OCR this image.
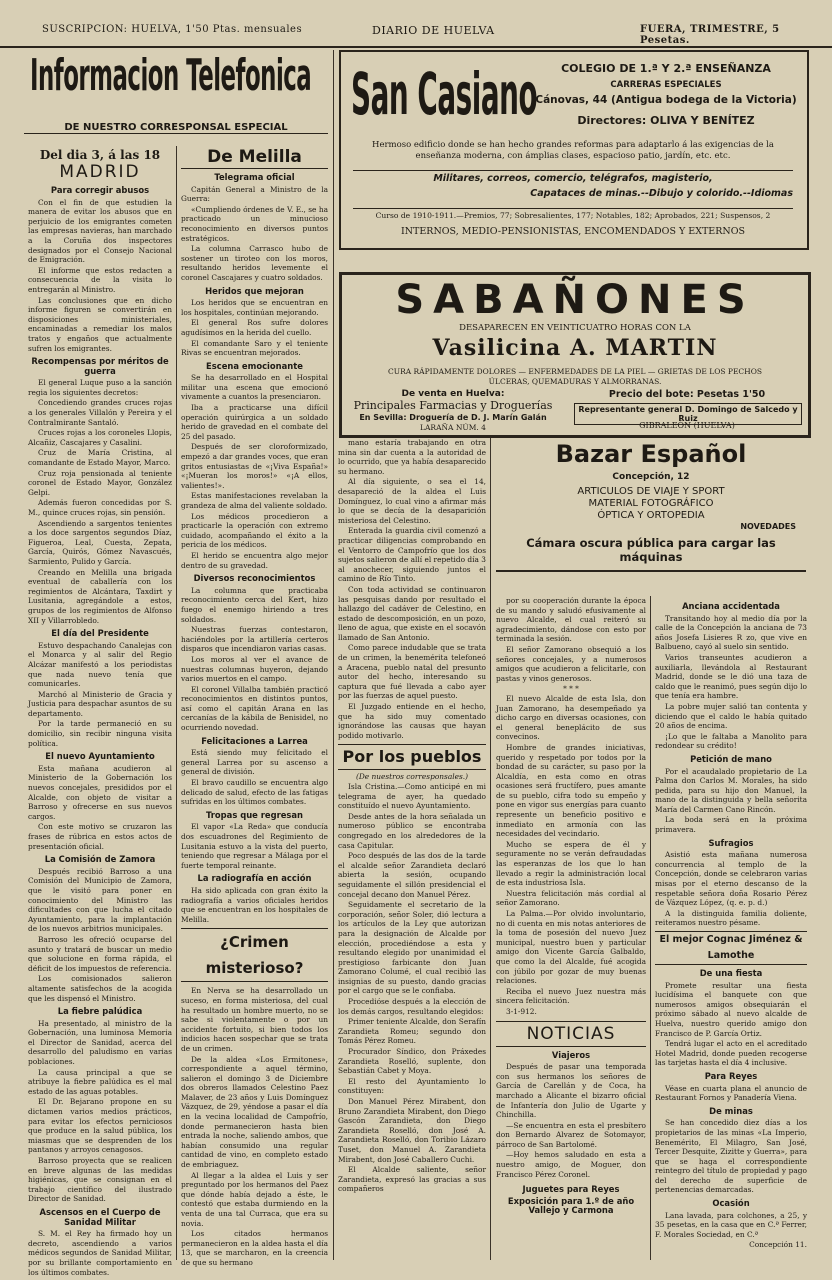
SUSCRIPCION: HUELVA, 1'50 Ptas. mensuales	DIARIO DE HUELVA	FUERA, TRIMESTRE, 5 Pesetas.
Informacion Telefonica
DE NUESTRO CORRESPONSAL ESPECIAL
Del dia 3, á las 18
MADRID
Para corregir abusos

Con el fin de que estudien la manera de evitar los abusos que en perjuicio de los emigrantes cometen las empresas navieras, han marchado a la Coruña dos inspectores designados por el Consejo Nacional de Emigración.

El informe que estos redacten a consecuencia de la visita lo entregarán al Ministro.

Las conclusiones que en dicho informe figuren se convertirán en disposiciones ministeriales, encaminadas a remediar los malos tratos y engaños que actualmente sufren los emigrantes.

Recompensas por méritos de guerra

El general Luque puso a la sanción regia los siguientes decretos:

Concediendo grandes cruces rojas a los generales Villalón y Pereira y el Contralmirante Santaló.

Cruces rojas a los coroneles Llopis, Alcañiz, Cascajares y Casalini.

Cruz de María Cristina, al comandante de Estado Mayor, Marco.

Cruz roja pensionada al teniente coronel de Estado Mayor, González Gelpi.

Además fueron concedidas por S. M., quince cruces rojas, sin pensión.

Ascendiendo a sargentos tenientes a los doce sargentos segundos Díaz, Figueroa, Leal, Cuesta, Zepata, García, Quirós, Gómez Navascués, Sarmiento, Pulido y García.

Creando en Melilla una brigada eventual de caballería con los regimientos de Alcántara, Taxdirt y Lusitania, agregándole a estos, grupos de los regimientos de Alfonso XII y Villarrobledo.

El día del Presidente

Estuvo despachando Canalejas con el Monarca y al salir del Regio Alcázar manifestó a los periodistas que nada nuevo tenía que comunicarles.

Marchó al Ministerio de Gracia y Justicia para despachar asuntos de su departamento.

Por la tarde permaneció en su domicilio, sin recibir ninguna visita política.

El nuevo Ayuntamiento

Esta mañana acudieron al Ministerio de la Gobernación los nuevos concejales, presididos por el Alcalde, con objeto de visitar a Barroso y ofrecerse en sus nuevos cargos.

Con este motivo se cruzaron las frases de rúbrica en estos actos de presentación oficial.

La Comisión de Zamora

Después recibió Barroso a una Comisión del Municipio de Zamora, que le visitó para poner en conocimiento del Ministro las dificultades con que lucha el citado Ayuntamiento, para la implantación de los nuevos arbitrios municipales.

Barroso les ofreció ocuparse del asunto y tratará de buscar un medio que solucione en forma rápida, el déficit de los impuestos de referencia.

Los comisionados salieron altamente satisfechos de la acogida que les dispensó el Ministro.

La fiebre palúdica

Ha presentado, al ministro de la Gobernación, una luminosa Memoria el Director de Sanidad, acerca del desarrollo del paludismo en varias poblaciones.

La causa principal a que se atribuye la fiebre palúdica es el mal estado de las aguas potables.

El Dr. Bejarano propone en su dictamen varios medios prácticos, para evitar los efectos perniciosos que produce en la salud pública, los miasmas que se desprenden de los pantanos y arroyos cenagosos.

Barroso proyecta que se realicen en breve algunas de las medidas higiénicas, que se consignan en el trabajo científico del ilustrado Director de Sanidad.

Ascensos en el Cuerpo de Sanidad Militar

S. M. el Rey ha firmado hoy un decreto, ascendiendo a varios médicos segundos de Sanidad Militar, por su brillante comportamiento en los últimos combates.

De Melilla
Telegrama oficial

Capitán General a Ministro de la Guerra:

«Cumpliendo órdenes de V. E., se ha practicado un minucioso reconocimiento en diversos puntos estratégicos.

La columna Carrasco hubo de sostener un tiroteo con los moros, resultando heridos levemente el coronel Cascajares y cuatro soldados.

Heridos que mejoran

Los heridos que se encuentran en los hospitales, continúan mejorando.

El general Ros sufre dolores agudísimos en la herida del cuello.

El comandante Saro y el teniente Rivas se encuentran mejorados.

Escena emocionante

Se ha desarrollado en el Hospital militar una escena que emocionó vivamente a cuantos la presenciaron.

Iba a practicarse una difícil operación quirúrgica a un soldado herido de gravedad en el combate del 25 del pasado.

Después de ser cloroformizado, empezó a dar grandes voces, que eran gritos entusiastas de «¡Viva España!» «¡Mueran los moros!» «¡A ellos, valientes!».

Estas manifestaciones revelaban la grandeza de alma del valiente soldado.

Los médicos procedieron a practicarle la operación con extremo cuidado, acompañando el éxito a la pericia de los médicos.

El herido se encuentra algo mejor dentro de su gravedad.

Diversos reconocimientos

La columna que practicaba reconocimiento cerca del Kert, hizo fuego el enemigo hiriendo a tres soldados.

Nuestras fuerzas contestaron, haciéndoles por la artillería certeros disparos que incendiaron varias casas.

Los moros al ver el avance de nuestras columnas huyeron, dejando varios muertos en el campo.

El coronel Villalba también practicó reconocimientos en distintos puntos, así como el capitán Arana en las cercanías de la kábila de Benisidel, no ocurriendo novedad.

Felicitaciones a Larrea

Está siendo muy felicitado el general Larrea por su ascenso a general de división.

El bravo caudillo se encuentra algo delicado de salud, efecto de las fatigas sufridas en los últimos combates.

Tropas que regresan

El vapor «La Reda» que conducía dos escuadrones del Regimiento de Lusitania estuvo a la vista del puerto, teniendo que regresar a Málaga por el fuerte temporal reinante.

La radiografía en acción

Ha sido aplicada con gran éxito la radiografía a varios oficiales heridos que se encuentran en los hospitales de Melilla.

¿Crimen misterioso?

En Nerva se ha desarrollado un suceso, en forma misteriosa, del cual ha resultado un hombre muerto, no se sabe si violentamente o por un accidente fortuito, si bien todos los indicios hacen sospechar que se trata de un crimen.

De la aldea «Los Ermitones», correspondiente a aquel término, salieron el domingo 3 de Diciembre dos obreros llamados Celestino Paez Malaver, de 23 años y Luis Domínguez Vázquez, de 29, yéndose a pasar el día en la vecina localidad de Campofrío, donde permanecieron hasta bien entrada la noche, saliendo ambos, que habían consumido una regular cantidad de vino, en completo estado de embriaguez.

Al llegar a la aldea el Luis y ser preguntado por los hermanos del Paez que dónde había dejado a éste, le contestó que estaba durmiendo en la venta de una tal Curraca, que era su novia.

Los citados hermanos permanecieron en la aldea hasta el día 13, que se marcharon, en la creencia de que su hermano

San Casiano	COLEGIO DE 1.ª Y 2.ª ENSEÑANZA
CARRERAS ESPECIALES
Cánovas, 44 (Antigua bodega de la Victoria)
Directores: OLIVA Y BENÍTEZ
Hermoso edificio donde se han hecho grandes reformas para adaptarlo á las exigencias de la enseñanza moderna, con ámplias clases, espacioso patio, jardín, etc. etc.
Militares, correos, comercio, telégrafos, magisterio,
Capataces de minas.--Dibujo y colorido.--Idiomas
Curso de 1910-1911.—Premios, 77; Sobresalientes, 177; Notables, 182; Aprobados, 221; Suspensos, 2
INTERNOS, MEDIO-PENSIONISTAS, ENCOMENDADOS Y EXTERNOS
SABAÑONES
DESAPARECEN EN VEINTICUATRO HORAS CON LA
Vasilicina A. MARTIN
CURA RÁPIDAMENTE DOLORES — ENFERMEDADES DE LA PIEL — GRIETAS DE LOS PECHOS
ÚLCERAS, QUEMADURAS Y ALMORRANAS.
De venta en Huelva:
Principales Farmacias y Droguerías
En Sevilla: Droguería de D. J. Marín Galán
LARAÑA NÚM. 4
Precio del bote: Pesetas 1'50
Representante general D. Domingo de Salcedo y Ruiz
GIBRALEÓN (HUELVA)

mano estaría trabajando en otra mina sin dar cuenta a la autoridad de lo ocurrido, que ya había desaparecido su hermano.

Al día siguiente, o sea el 14, desapareció de la aldea el Luis Domínguez, lo cual vino a afirmar más lo que se decía de la desaparición misteriosa del Celestino.

Enterada la guardia civil comenzó a practicar diligencias comprobando en el Ventorro de Campofrío que los dos sujetos salieron de allí el repetido día 3 al anochecer, siguiendo juntos el camino de Río Tinto.

Con toda actividad se continuaron las pesquisas dando por resultado el hallazgo del cadáver de Celestino, en estado de descomposición, en un pozo, lleno de agua, que existe en el socavón llamado de San Antonio.

Como parece indudable que se trata de un crimen, la benemérita telefoneó a Aracena, pueblo natal del presunto autor del hecho, interesando su captura que fué llevada a cabo ayer por las fuerzas de aquel puesto.

El Juzgado entiende en el hecho, que ha sido muy comentado ignorándose las causas que hayan podido motivarlo.

Por los pueblos
(De nuestros corresponsales.)

Isla Cristina.—Como anticipé en mi telegrama de ayer, ha quedado constituído el nuevo Ayuntamiento.

Desde antes de la hora señalada un numeroso público se encontraba congregado en los alrededores de la casa Capitular.

Poco después de las dos de la tarde el alcalde señor Zarandieta declaró abierta la sesión, ocupando seguidamente el sillón presidencial el concejal decano don Manuel Pérez.

Seguidamente el secretario de la corporación, señor Soler, dió lectura a los artículos de la Ley que autorizan para la designación de Alcalde por elección, procediéndose a esta y resultando elegido por unanimidad el prestigioso farbicante don Juan Zamorano Columé, el cual recibió las insignias de su puesto, dando gracias por el cargo que se le confiaba.

Procedióse después a la elección de los demás cargos, resultando elegidos:

Primer teniente Alcalde, don Serafín Zarandieta Romeu; segundo don Tomás Pérez Romeu.

Procurador Síndico, don Práxedes Zarandieta Roselló, suplente, don Sebastián Cabet y Moya.

El resto del Ayuntamiento lo constituyen:

Don Manuel Pérez Mirabent, don Bruno Zarandieta Mirabent, don Diego Gascón Zarandieta, don Diego Zarandieta Roselló, don José A. Zarandieta Roselló, don Toribio Lázaro Tuset, don Manuel A. Zarandieta Mirabent, don José Caballero Cuchi.

El Alcalde saliente, señor Zarandieta, expresó las gracias a sus compañeros

Bazar Español
Concepción, 12
ARTICULOS DE VIAJE Y SPORT
MATERIAL FOTOGRÁFICO
ÓPTICA Y ORTOPEDIA
NOVEDADES
Cámara oscura pública para cargar las máquinas

por su cooperación durante la época de su mando y saludó efusivamente al nuevo Alcalde, el cual reiteró su agradecimiento, dándose con esto por terminada la sesión.

El señor Zamorano obsequió a los señores concejales, y a numerosos amigos que acudieron a felicitarle, con pastas y vinos generosos.

* * *

El nuevo Alcalde de esta Isla, don Juan Zamorano, ha desempeñado ya dicho cargo en diversas ocasiones, con el general beneplácito de sus convecinos.

Hombre de grandes iniciativas, querido y respetado por todos por la bondad de su carácter, su paso por la Alcaldía, en esta como en otras ocasiones será fructífero, pues amante de su pueblo, cifra todo su empeño y pone en vigor sus energías para cuanto represente un beneficio positivo e inmediato en armonía con las necesidades del vecindario.

Mucho se espera de él y seguramente no se verán defraudadas las esperanzas de los que lo han llevado a regir la administración local de esta industriosa Isla.

Nuestra felicitación más cordial al señor Zamorano.

La Palma.—Por olvido involuntario, no di cuenta en mis notas anteriores de la toma de posesión del nuevo Juez municipal, nuestro buen y particular amigo don Vicente García Galbaldo, que como la del Alcalde, fué acogida con júbilo por gozar de muy buenas relaciones.

Reciba el nuevo Juez nuestra más sincera felicitación.

3-1-912.

NOTICIAS
Viajeros

Después de pasar una temporada con sus hermanos los señores de García de Carellán y de Coca, ha marchado a Alicante el bizarro oficial de Infantería don Julio de Ugarte y Chinchilla.

—Se encuentra en esta el presbítero don Bernardo Alvarez de Sotomayor, párroco de San Bartolomé.

—Hoy hemos saludado en esta a nuestro amigo, de Moguer, don Francisco Pérez Coronel.

Juguetes para Reyes
Exposición para 1.º de año
Vallejo y Carmona
Anciana accidentada

Transitando hoy al medio día por la calle de la Concepción la anciana de 73 años Josefa Lisieres R zo, que vive en Balbueno, cayó al suelo sin sentido.

Varios transeuntes acudieron a auxiliarla, llevándola al Restaurant Madrid, donde se le dió una taza de caldo que le reanimó, pues según dijo lo que tenía era hambre.

La pobre mujer salió tan contenta y diciendo que el caldo le había quitado 20 años de encima.

¡Lo que le faltaba a Manolito para redondear su crédito!

Petición de mano

Por el acaudalado propietario de La Palma don Carlos M. Morales, ha sido pedida, para su hijo don Manuel, la mano de la distinguida y bella señorita María del Carmen Cano Rincón.

La boda será en la próxima primavera.

Sufragios

Asistió esta mañana numerosa concurrencia al templo de la Concepción, donde se celebraron varias misas por el eterno descanso de la respetable señora doña Rosario Pérez de Vázquez López, (q. e. p. d.)

A la distinguida familia doliente, reiteramos nuestro pésame.

El mejor Cognac Jiménez & Lamothe
De una fiesta

Promete resultar una fiesta lucidísima el banquete con que numerosos amigos obsequiarán el próximo sábado al nuevo alcalde de Huelva, nuestro querido amigo don Francisco de P. García Ortiz.

Tendrá lugar el acto en el acreditado Hotel Madrid, donde pueden recogerse las tarjetas hasta el día 4 inclusive.

Para Reyes

Véase en cuarta plana el anuncio de Restaurant Fornos y Panadería Viena.

De minas

Se han concedido diez días a los propietarios de las minas «La Imperio, Benemérito, El Milagro, San José, Tercer Desquite, Zizitte y Guerra», para que se haga el correspondiente reintegro del título de propiedad y pago del derecho de superficie de pertenencias demarcadas.

Ocasión

Lana lavada, para colchones, a 25, y 35 pesetas, en la casa que en C.ª Ferrer, F. Morales Sociedad, en C.ª

Concepción 11.
